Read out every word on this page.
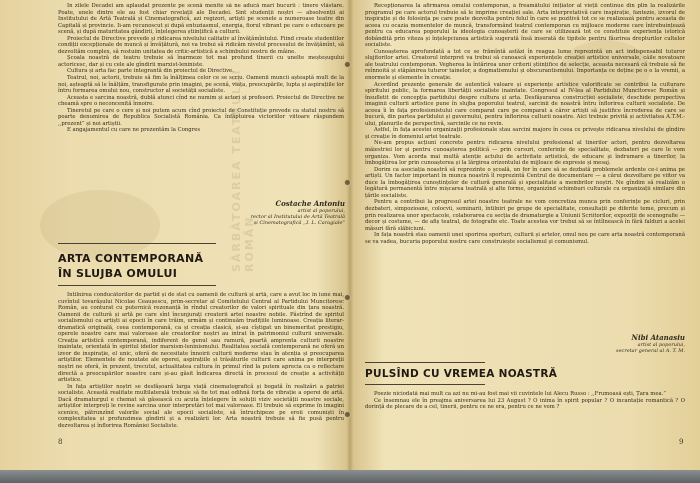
SĂRBĂTOAREA TEATRULUI ROMÂN

In zilele Decadei am aplaudat prezente pe scenă menite să ne aducă mari bucurii : tinere vlăstare. Poate, unele dintre ele au fost chiar revelații ale Decadei. Sint studenții noștri — absolvenții ai Institutului de Artă Teatrală și Cinematografică, azi regizori, artiști pe scenele a numeroase teatre din Capitală și provincie. Ii-am recunoscut și după entuziasmul, energia, fiorul vibrant pe care o educoare pe scenă, și după maturitatea gândirii, înțelegerea științifică a culturii.

Proiectul de Directive prevede și ridicarea nivelului calitativ al învățămîntului. Fiind create studentilor condiții excepționale de muncă și învățătură, noi va trebui să ridicăm nivelul procesului de învățămînt, să dezvoltăm complex, să rostuim unitatea de critic-artistică a schimbului nostru de mâine.

Școala noastră de teatru trebuie să înarmeze tot mai profund tinerii cu unelte meșteșugului actoricesc, dar și cu cele ale gîndirii marxist-leniniste.

Cultura și arta fac parte integrantă din proiectul de Directive.

Teatrul, noi, actorii, trebuie să fim la înălțimea celor ce se scriu. Oamenii muncii așteaptă mult de la noi, așteaptă să le înălțăm, transfigurate prin imagini, pe scenă, viața, preocupările, lupta și aspirațiile lor întru formarea omului nou, constructor al societății socialiste.

Aceasta e sarcina noastră, dublă atunci cînd ne numim și actori și profesori. Proiectul de Directive ne cheamă spre o neconcenită înnoire.

Tineretul pe care o cere și noi putem acum cînd proiectul de Constituție prevede ca statul nostru să poarte denumirea de Republica Socialistă România. Ca înfăptuirea victoriilor viitoare răspundem ,,prezent” și noi artiștii.

E angajamentul cu care ne prezentăm la Congres

Costache Antoniu
artist al poporului,
rector al Institutului de Artă Teatrală
și Cinematografică ,,I. L. Caragiale”
ARTA CONTEMPORANĂ
ÎN SLUJBA OMULUI

Intilnirea conducătorilor de partid și de stat cu oamenii de cultură și artă, care a avut loc în iune mai, cuvîntul tovarășului Nicolae Ceaușescu, prim-secretar al Comitetului Central al Partidului Muncitoresc Român, au conturat cu puternică rezonanță în rîndul creatorilor de valori spirituale din țara noastră. Oamenii de cultură și artă pe care sînt încunjurați creatorii artei noastre nobile. Păstrînd de spiritul socialismului ca artiști ai epocii în care trăim, urmăm și continuăm tradițiile luminoase. Creația literar-dramatică originală, ceea contemporană, ca și creația clasică, și-au cîștigat un binemeritat prestigiu, operele noastre care mai valoroase ale creatorilor noștri au intrat în patrimoniul culturii universale. Creația artistică contemporană, indiferent de genul sau ramură, poartă amprenta culturii noastre inaintate, orientată în spiritul ideilor marxism-leninismului. Realitatea socială contemporană ne oferă un izvor de inspirație, el unic, oferă de necesitate înnoirii culturii moderne stau în atenția și preocuparea artiștilor. Elementele de noutate ale operei, aspirațiile și trăsăturile culturii care anima pe interpreții noștri ne oferă, în prezent, trecutul, actualitatea cultura în primul rînd la putem aprecia ca o reflectare directă a preocupărilor noastre care și-au găsit îndicarea directă în procesul de creație a activității artistice.

In fața artiștilor noștri se desfășoară larga viață cinematografică și bogată în realizări a patriei socialiste. Această realitate multilaterală trebuie să fie tot mai odihnă forța de vibrație a operei de artă. Dacă dramaturgul e chemat să găsească cu acuta înțelegere în soluții viziv societății noastre sociale, artiștilor interpreți le revine sarcina unor interpretări tot mai valoroase. El trebuie să exprime în imagini scenice, pătrunzînd valorile social ale epocii socialiste, să întruchipeze pe eroii comuniști în complexitatea și profunzimea gîndirii și a realizării lor. Arta noastră trebuie să fie pusă pentru dezvoltarea și înflorirea României Socialiste.

8

Recepționarea la afirmarea omului contemporan, a freamătului inițiator al vieții continue din plin la realizările programul pe care actorul trebuie să le imprime creației sale. Arta interpretativă care inspirație, fantezie, izvorul de inspirație și de folosința pe care poate dezvolta pentru felul în care se pozitivă tot ce se realizează pentru aceasta de aceea cu ocazia momentelor de muncă, transformând teatrul contemporan cu mijloace moderne care întrebuințează pentru ca educarea poporului la ideologia cunoașterii de care se utilizează tot ce constituie experiența istorică dobândită prin viteza și înțelepciunea artistică sugerată însă inserată de tipitele pentru făurirea drepturilor cultelor socialiste.

Cunoașterea aprofundată a tot ce se frămîntă astăzi în reagua lume reprezintă un act indispensabil tuturor slujitorilor artei. Creatorul interpret va trebui să cunoască experiențele creației artistice universale, căile novatoare ale teatrului contemporan. Vegherea la întărirea unor criterii științifice de selecție, aceasta necesară că trebuie să fie reînnoită și stăpânirea tuturor tainelor, a dogmatismului și obscurantismului. Importanța ce deține pe o o la vremii, a enormele și elemente în creație.

Acordînd prezențe generale de autentică valoare și experiențe artistice valorificate se contribui la culturare spiritului public, la formarea libertății socialiste inaintate. Congresul al IV-lea al Partidului Muncitoresc Român și însufletit de concepția partidului despre cultura și arta. Desfășurarea construcției socialiste, deschide perspectiva imaginii culturii artistice pune în slujba poporului teatrul, sarcinii de noastră întru înflorirea culturii socialiste. De aceea îi în fața profesionistului care comparat care pe comparat a căror artiști să justifice încrederea de care se bucură, din partea partidului și guvernului, pentru înflorirea culturii noastre. Aici trebuie privită și activitatea A.T.M.-ului, planurile de perspectivă, sarcinile ce ne revin.

Astfel, în fața acestei organizații profesionale stau sarcini majore în ceea ce privește ridicarea nivelului de gîndire și creație în domeniul artei teatrale.

Ne-am propus acțiuni concrete pentru ridicarea nivelului profesional al tinerilor actori, pentru dezvoltarea măiestriei lor și pentru cunoașterea politică — prin cursuri, conferințe de specialitate, dezbateri pe care le vom organiza. Vom acorda mai multă atenție actului de activitate artistică, de educare și îndrumare a tinerilor, la îmbogățirea lor prin cunoașterea și la lărgirea orizontului de mijloace de expresie și mesaj.

Dorim ca asociația noastră să reprezinte o școală, un for în care să se dezbată problemele ardente ce-i anima pe artiști. Un factor important în munca noastră îl reprezintă Centrul de documentare — a cărui dezvoltare pe viitor va duce la îmbogățirea cunoștințelor de cultură generală și specialitate a membrilor noștri. Ne gîndim să realizăm o legătură permanentă între mișcarea teatrală și alte forme, organizînd schimburi culturale cu organizații similare din țările socialiste.

Pentru a contribui la progresul artei noastre teatrale ne vom concretiza munca prin conferințe pe cicluri, prin dezbateri, simpozioane, colocvii, seminarii, întilniri pe grupe de specialitate, consultații pe diferite teme, precum și prin realizarea unor spectacole, colaborarea cu secția de dramaturgie a Uniunii Scriitorilor, expoziții de scenografie — decor și costume, — de afiș teatral, de fotografie etc. Toate acestea vor trebui să se întîlnească în fără falduri a acelei măsuri fără slăbiciuni.

In fața noastră stau oamenii unei sporirea sporturi, culturii și artelor, omul nou pe care arta noastră contemporană se va vadea, bucuria poporului nostru care construiește socialismul și comunismul.

Nibi Atanasiu
artist al poporului,
secretar general al A. T. M.
PULSÎND CU VREMEA NOASTRĂ

Poezie niciodată mai mult ca azi nu mi-au fost mai vii cuvintele lui Alecu Russo : ,,Frumoasă ești, Țara mea.”

Ce însemnau ele în preajma aniversarea lui 23 August ? O inima în spirit popular ? O incantație romantică ? O dorință de plecare de a cel, tinerii, pentru ce ne era, pentru ce ne vom ?

9
